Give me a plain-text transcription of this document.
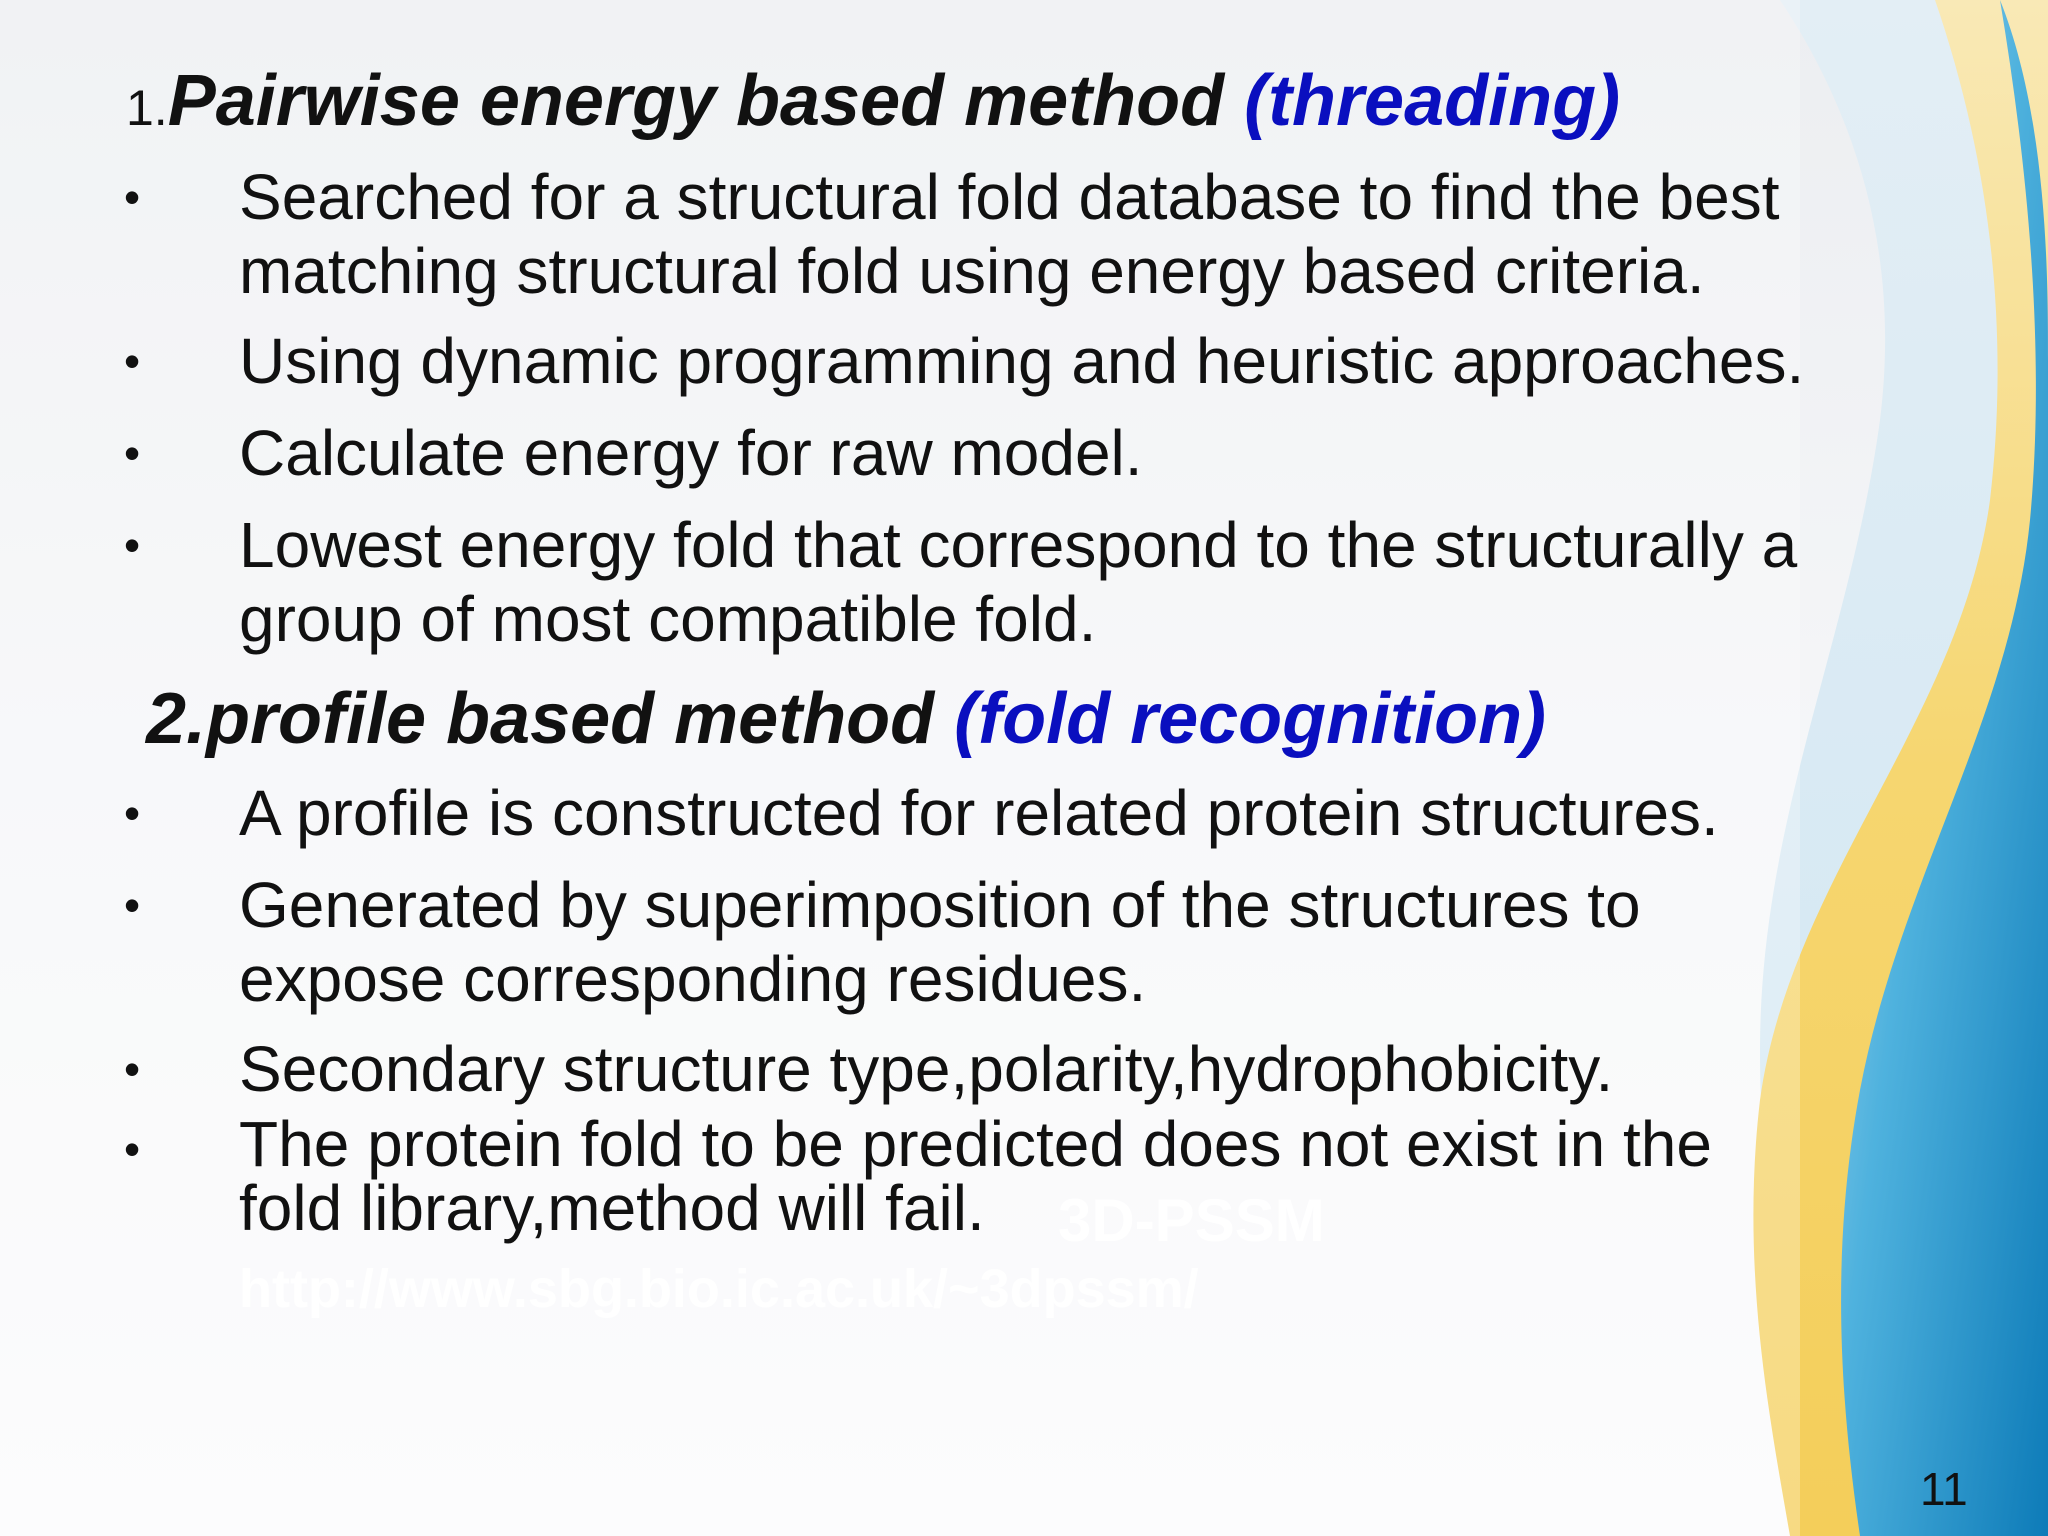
1.Pairwise energy based method (threading)
• Searched for a structural fold database to find the best
matching structural fold using energy based criteria.
• Using dynamic programming and heuristic approaches.
• Calculate energy for raw model.
• Lowest energy fold that correspond to the structurally a
group of most compatible fold.
2.profile based method (fold recognition)
• A profile is constructed for related protein structures.
• Generated by superimposition of the structures to
expose corresponding residues.
• Secondary structure type,polarity,hydrophobicity.
• The protein fold to be predicted does not exist in the
fold library,method will fail.	3D-PSSM
http://www.sbg.bio.ic.ac.uk/~3dpssm/
11
